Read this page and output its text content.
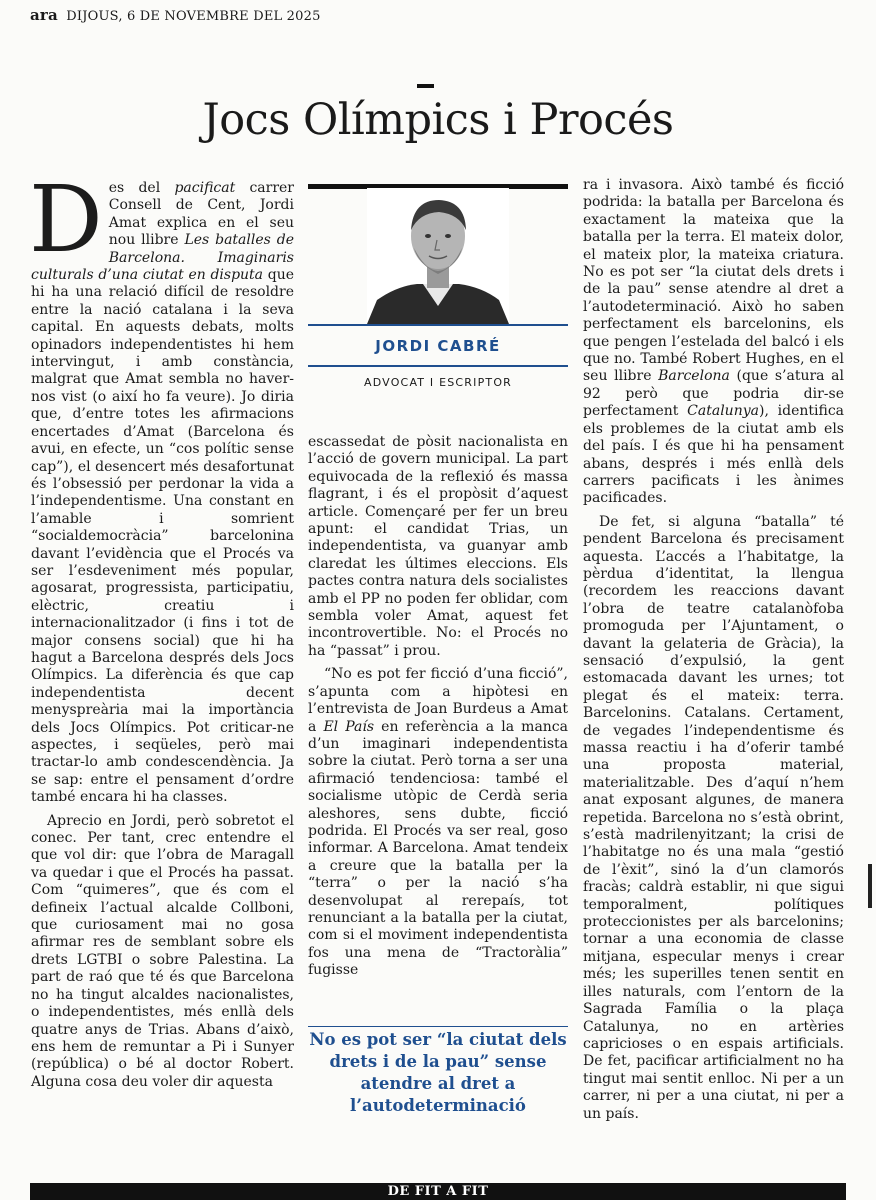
ara DIJOUS, 6 DE NOVEMBRE DEL 2025
Jocs Olímpics i Procés

Des del pacificat carrer Consell de Cent, Jordi Amat explica en el seu nou llibre Les batalles de Barcelona. Imaginaris culturals d’una ciutat en disputa que hi ha una relació difícil de resoldre entre la nació catalana i la seva capital. En aquests debats, molts opinadors independentistes hi hem intervingut, i amb constància, malgrat que Amat sembla no haver-nos vist (o així ho fa veure). Jo diria que, d’entre totes les afirmacions encertades d’Amat (Barcelona és avui, en efecte, un “cos polític sense cap”), el desencert més desafortunat és l’obsessió per perdonar la vida a l’independentisme. Una constant en l’amable i somrient “socialdemocràcia” barcelonina davant l’evidència que el Procés va ser l’esdeveniment més popular, agosarat, progressista, participatiu, elèctric, creatiu i internacionalitzador (i fins i tot de major consens social) que hi ha hagut a Barcelona després dels Jocs Olímpics. La diferència és que cap independentista decent menyspreària mai la importància dels Jocs Olímpics. Pot criticar-ne aspectes, i seqüeles, però mai tractar-lo amb condescendència. Ja se sap: entre el pensament d’ordre també encara hi ha classes.

Aprecio en Jordi, però sobretot el conec. Per tant, crec entendre el que vol dir: que l’obra de Maragall va quedar i que el Procés ha passat. Com “quimeres”, que és com el defineix l’actual alcalde Collboni, que curiosament mai no gosa afirmar res de semblant sobre els drets LGTBI o sobre Palestina. La part de raó que té és que Barcelona no ha tingut alcaldes nacionalistes, o independentistes, més enllà dels quatre anys de Trias. Abans d’això, ens hem de remuntar a Pi i Sunyer (república) o bé al doctor Robert. Alguna cosa deu voler dir aquesta

JORDI CABRÉ
ADVOCAT I ESCRIPTOR

escassedat de pòsit nacionalista en l’acció de govern municipal. La part equivocada de la reflexió és massa flagrant, i és el propòsit d’aquest article. Començaré per fer un breu apunt: el candidat Trias, un independentista, va guanyar amb claredat les últimes eleccions. Els pactes contra natura dels socialistes amb el PP no poden fer oblidar, com sembla voler Amat, aquest fet incontrovertible. No: el Procés no ha “passat” i prou.

“No es pot fer ficció d’una ficció”, s’apunta com a hipòtesi en l’entrevista de Joan Burdeus a Amat a El País en referència a la manca d’un imaginari independentista sobre la ciutat. Però torna a ser una afirmació tendenciosa: també el socialisme utòpic de Cerdà seria aleshores, sens dubte, ficció podrida. El Procés va ser real, goso informar. A Barcelona. Amat tendeix a creure que la batalla per la “terra” o per la nació s’ha desenvolupat al rerepaís, tot renunciant a la batalla per la ciutat, com si el moviment independentista fos una mena de “Tractoràlia” fugisse

No es pot ser “la ciutat dels drets i de la pau” sense atendre al dret a l’autodeterminació

ra i invasora. Això també és ficció podrida: la batalla per Barcelona és exactament la mateixa que la batalla per la terra. El mateix dolor, el mateix plor, la mateixa criatura. No es pot ser “la ciutat dels drets i de la pau” sense atendre al dret a l’autodeterminació. Això ho saben perfectament els barcelonins, els que pengen l’estelada del balcó i els que no. També Robert Hughes, en el seu llibre Barcelona (que s’atura al 92 però que podria dir-se perfectament Catalunya), identifica els problemes de la ciutat amb els del país. I és que hi ha pensament abans, després i més enllà dels carrers pacificats i les ànimes pacificades.

De fet, si alguna “batalla” té pendent Barcelona és precisament aquesta. L’accés a l’habitatge, la pèrdua d’identitat, la llengua (recordem les reaccions davant l’obra de teatre catalanòfoba promoguda per l’Ajuntament, o davant la gelateria de Gràcia), la sensació d’expulsió, la gent estomacada davant les urnes; tot plegat és el mateix: terra. Barcelonins. Catalans. Certament, de vegades l’independentisme és massa reactiu i ha d’oferir també una proposta material, materialitzable. Des d’aquí n’hem anat exposant algunes, de manera repetida. Barcelona no s’està obrint, s’està madrilenyitzant; la crisi de l’habitatge no és una mala “gestió de l’èxit”, sinó la d’un clamorós fracàs; caldrà establir, ni que sigui temporalment, polítiques proteccionistes per als barcelonins; tornar a una economia de classe mitjana, especular menys i crear més; les superilles tenen sentit en illes naturals, com l’entorn de la Sagrada Família o la plaça Catalunya, no en artèries capricioses o en espais artificials. De fet, pacificar artificialment no ha tingut mai sentit enlloc. Ni per a un carrer, ni per a una ciutat, ni per a un país.

DE FIT A FIT
